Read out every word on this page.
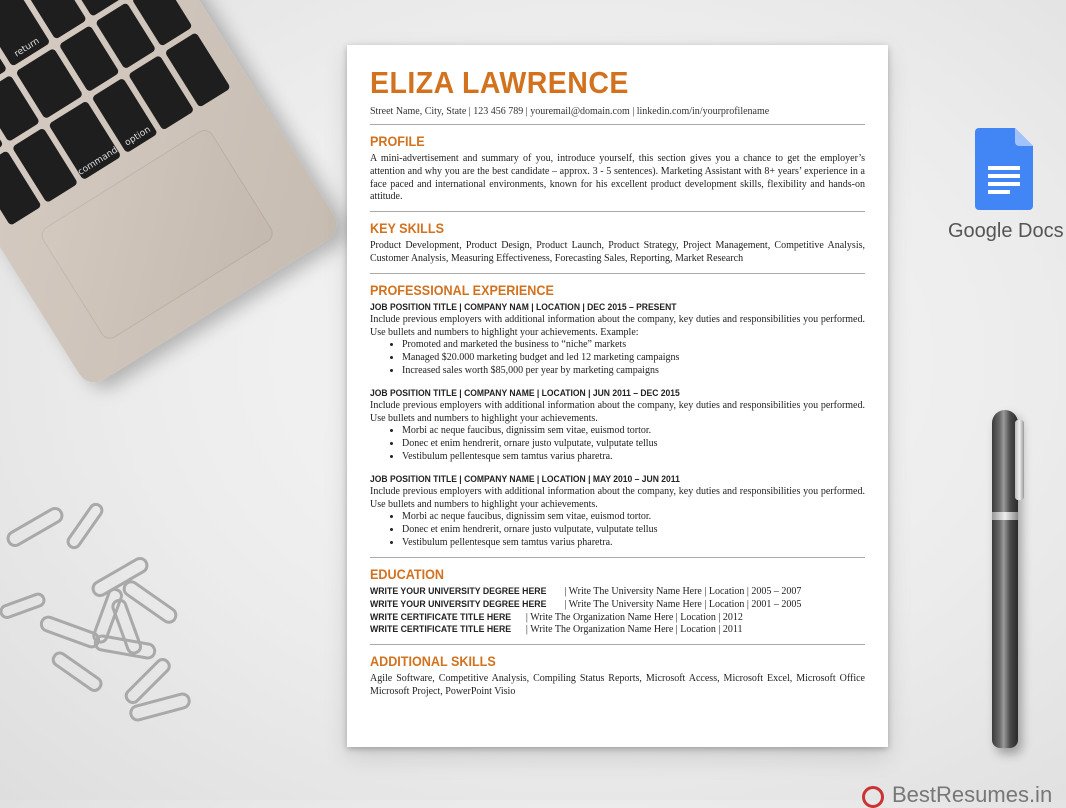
return
command
option
ELIZA LAWRENCE
Street Name, City, State | 123 456 789 | youremail@domain.com | linkedin.com/in/yourprofilename
PROFILE

A mini-advertisement and summary of you, introduce yourself, this section gives you a chance to get the employer’s attention and why you are the best candidate – approx. 3 - 5 sentences). Marketing Assistant with 8+ years’ experience in a face paced and international environments, known for his excellent product development skills, flexibility and hands-on attitude.

KEY SKILLS

Product Development, Product Design, Product Launch, Product Strategy, Project Management, Competitive Analysis, Customer Analysis, Measuring Effectiveness, Forecasting Sales, Reporting, Market Research

PROFESSIONAL EXPERIENCE
JOB POSITION TITLE | COMPANY NAM | LOCATION | DEC 2015 – PRESENT

Include previous employers with additional information about the company, key duties and responsibilities you performed. Use bullets and numbers to highlight your achievements. Example:

• Promoted and marketed the business to “niche” markets
• Managed $20.000 marketing budget and led 12 marketing campaigns
• Increased sales worth $85,000 per year by marketing campaigns
JOB POSITION TITLE | COMPANY NAME | LOCATION | JUN 2011 – DEC 2015

Include previous employers with additional information about the company, key duties and responsibilities you performed. Use bullets and numbers to highlight your achievements.

• Morbi ac neque faucibus, dignissim sem vitae, euismod tortor.
• Donec et enim hendrerit, ornare justo vulputate, vulputate tellus
• Vestibulum pellentesque sem tamtus varius pharetra.
JOB POSITION TITLE | COMPANY NAME | LOCATION | MAY 2010 – JUN 2011

Include previous employers with additional information about the company, key duties and responsibilities you performed. Use bullets and numbers to highlight your achievements.

• Morbi ac neque faucibus, dignissim sem vitae, euismod tortor.
• Donec et enim hendrerit, ornare justo vulputate, vulputate tellus
• Vestibulum pellentesque sem tamtus varius pharetra.
EDUCATION
WRITE YOUR UNIVERSITY DEGREE HERE | Write The University Name Here | Location | 2005 – 2007
WRITE YOUR UNIVERSITY DEGREE HERE | Write The University Name Here | Location | 2001 – 2005
WRITE CERTIFICATE TITLE HERE | Write The Organization Name Here | Location | 2012
WRITE CERTIFICATE TITLE HERE | Write The Organization Name Here | Location | 2011
ADDITIONAL SKILLS

Agile Software, Competitive Analysis, Compiling Status Reports, Microsoft Access, Microsoft Excel, Microsoft Office Microsoft Project, PowerPoint Visio

Google Docs
BestResumes.in
